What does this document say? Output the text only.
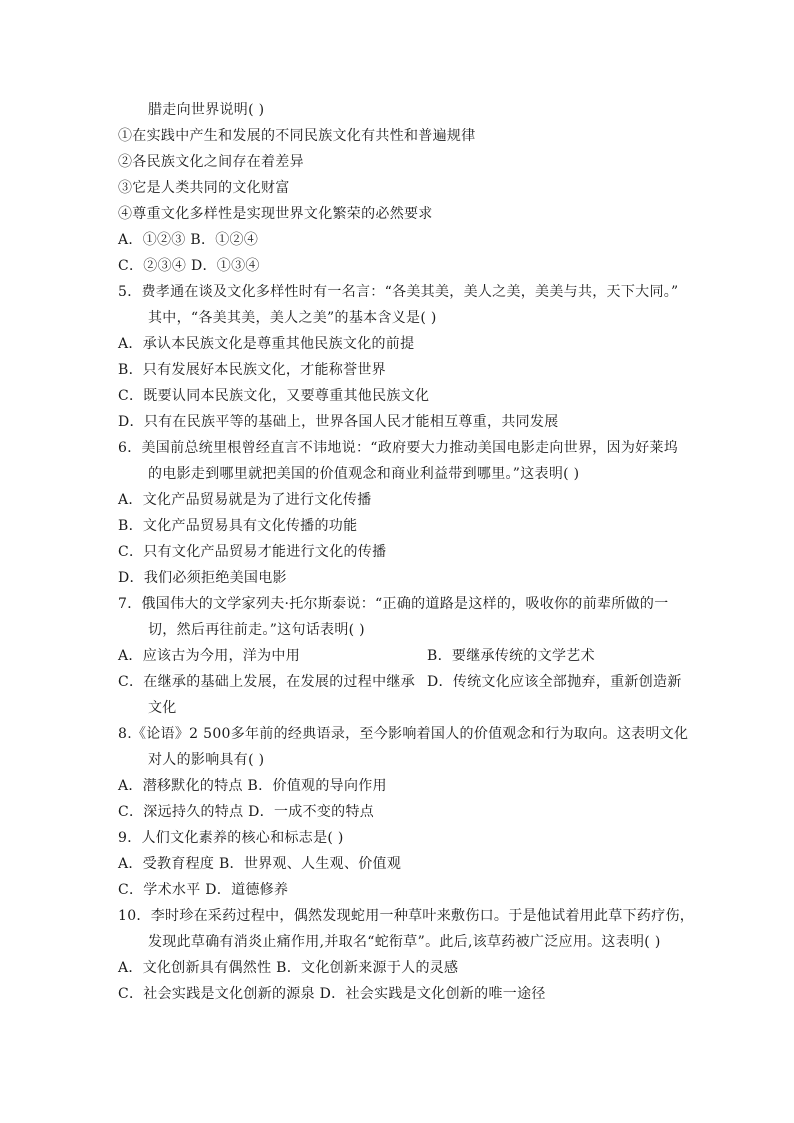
腊走向世界说明( )
①在实践中产生和发展的不同民族文化有共性和普遍规律
②各民族文化之间存在着差异
③它是人类共同的文化财富
④尊重文化多样性是实现世界文化繁荣的必然要求
A．①②③ B．①②④
C．②③④ D．①③④
5．费孝通在谈及文化多样性时有一名言：“各美其美，美人之美，美美与共，天下大同。”
其中，“各美其美，美人之美”的基本含义是( )
A．承认本民族文化是尊重其他民族文化的前提
B．只有发展好本民族文化，才能称誉世界
C．既要认同本民族文化，又要尊重其他民族文化
D．只有在民族平等的基础上，世界各国人民才能相互尊重，共同发展
6．美国前总统里根曾经直言不讳地说：“政府要大力推动美国电影走向世界，因为好莱坞
的电影走到哪里就把美国的价值观念和商业利益带到哪里。”这表明( )
A．文化产品贸易就是为了进行文化传播
B．文化产品贸易具有文化传播的功能
C．只有文化产品贸易才能进行文化的传播
D．我们必须拒绝美国电影
7．俄国伟大的文学家列夫·托尔斯泰说：“正确的道路是这样的，吸收你的前辈所做的一
切，然后再往前走。”这句话表明( )
A．应该古为今用，洋为中用	B．要继承传统的文学艺术
C．在继承的基础上发展，在发展的过程中继承 D．传统文化应该全部抛弃，重新创造新
文化
8.《论语》2 500多年前的经典语录，至今影响着国人的价值观念和行为取向。这表明文化
对人的影响具有( )
A．潜移默化的特点 B．价值观的导向作用
C．深远持久的特点 D．一成不变的特点
9．人们文化素养的核心和标志是( )
A．受教育程度 B．世界观、人生观、价值观
C．学术水平 D．道德修养
10．李时珍在采药过程中，偶然发现蛇用一种草叶来敷伤口。于是他试着用此草下药疗伤，
发现此草确有消炎止痛作用,并取名“蛇衔草”。此后,该草药被广泛应用。这表明( )
A．文化创新具有偶然性 B．文化创新来源于人的灵感
C．社会实践是文化创新的源泉 D．社会实践是文化创新的唯一途径
